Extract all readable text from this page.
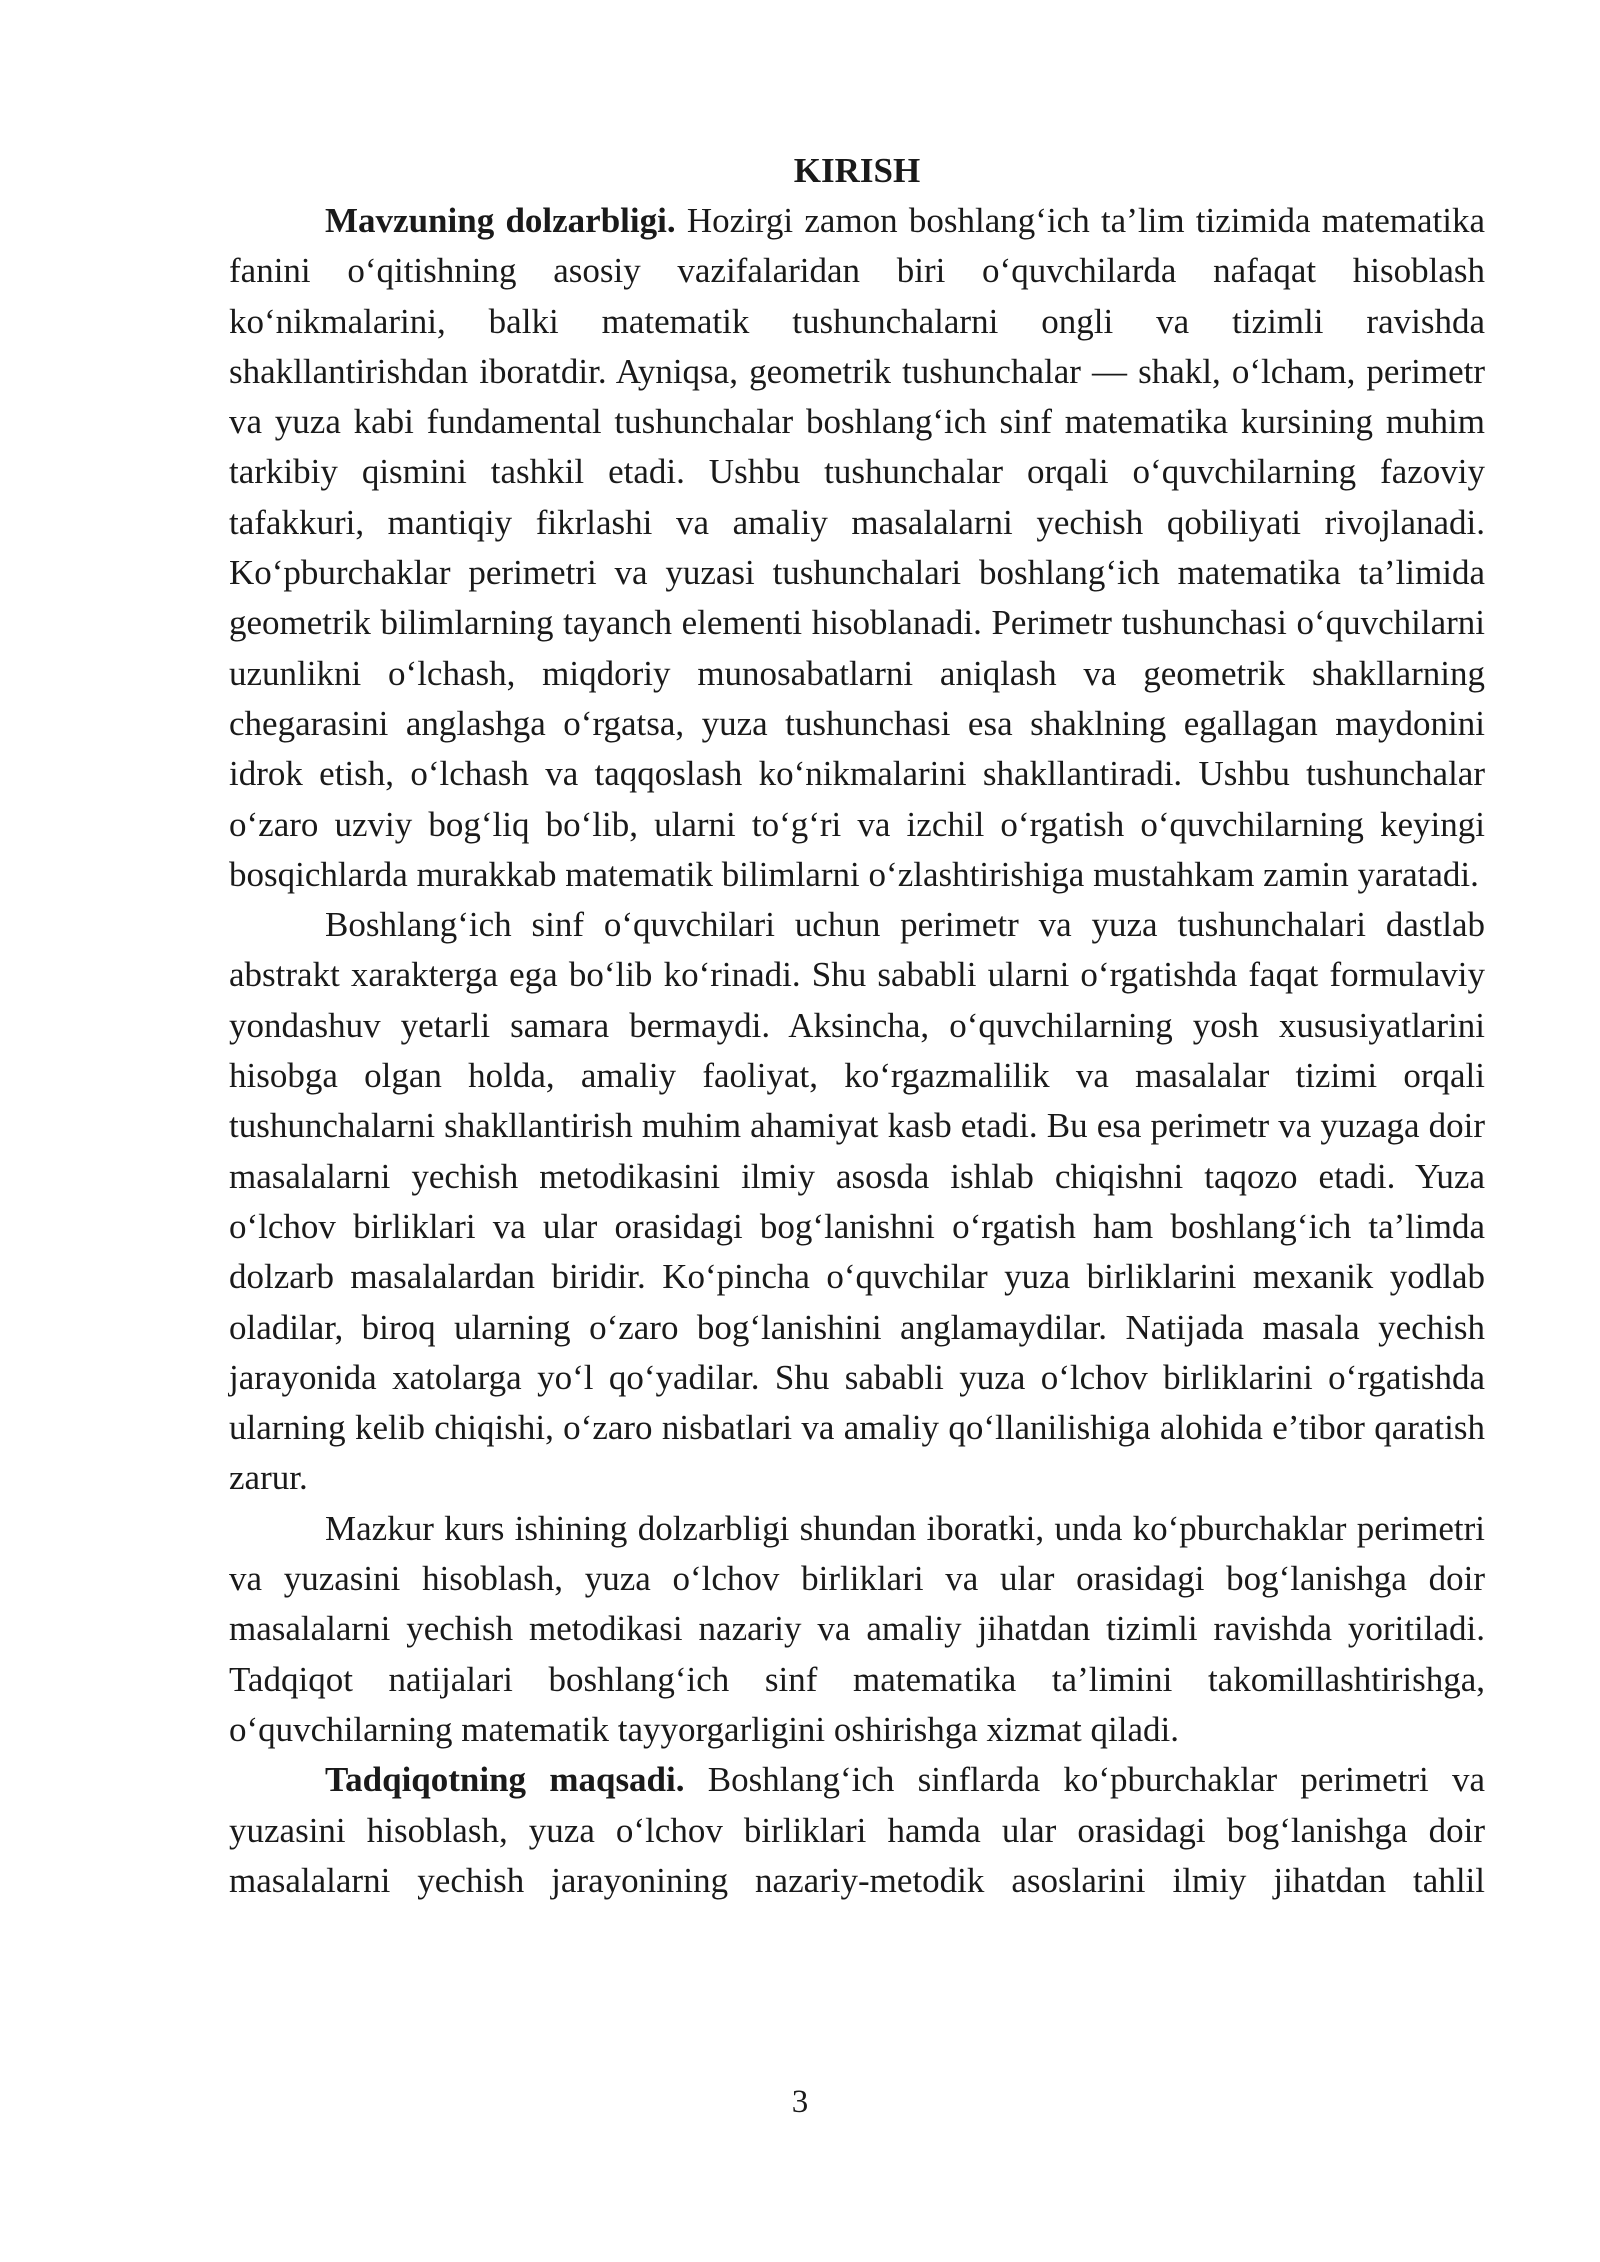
KIRISH

Mavzuning dolzarbligi. Hozirgi zamon boshlang‘ich ta’lim tizimida matematika fanini o‘qitishning asosiy vazifalaridan biri o‘quvchilarda nafaqat hisoblash ko‘nikmalarini, balki matematik tushunchalarni ongli va tizimli ravishda shakllantirishdan iboratdir. Ayniqsa, geometrik tushunchalar — shakl, o‘lcham, perimetr va yuza kabi fundamental tushunchalar boshlang‘ich sinf matematika kursining muhim tarkibiy qismini tashkil etadi. Ushbu tushunchalar orqali o‘quvchilarning fazoviy tafakkuri, mantiqiy fikrlashi va amaliy masalalarni yechish qobiliyati rivojlanadi. Ko‘pburchaklar perimetri va yuzasi tushunchalari boshlang‘ich matematika ta’limida geometrik bilimlarning tayanch elementi hisoblanadi. Perimetr tushunchasi o‘quvchilarni uzunlikni o‘lchash, miqdoriy munosabatlarni aniqlash va geometrik shakllarning chegarasini anglashga o‘rgatsa, yuza tushunchasi esa shaklning egallagan maydonini idrok etish, o‘lchash va taqqoslash ko‘nikmalarini shakllantiradi. Ushbu tushunchalar o‘zaro uzviy bog‘liq bo‘lib, ularni to‘g‘ri va izchil o‘rgatish o‘quvchilarning keyingi bosqichlarda murakkab matematik bilimlarni o‘zlashtirishiga mustahkam zamin yaratadi.

Boshlang‘ich sinf o‘quvchilari uchun perimetr va yuza tushunchalari dastlab abstrakt xarakterga ega bo‘lib ko‘rinadi. Shu sababli ularni o‘rgatishda faqat formulaviy yondashuv yetarli samara bermaydi. Aksincha, o‘quvchilarning yosh xususiyatlarini hisobga olgan holda, amaliy faoliyat, ko‘rgazmalilik va masalalar tizimi orqali tushunchalarni shakllantirish muhim ahamiyat kasb etadi. Bu esa perimetr va yuzaga doir masalalarni yechish metodikasini ilmiy asosda ishlab chiqishni taqozo etadi. Yuza o‘lchov birliklari va ular orasidagi bog‘lanishni o‘rgatish ham boshlang‘ich ta’limda dolzarb masalalardan biridir. Ko‘pincha o‘quvchilar yuza birliklarini mexanik yodlab oladilar, biroq ularning o‘zaro bog‘lanishini anglamaydilar. Natijada masala yechish jarayonida xatolarga yo‘l qo‘yadilar. Shu sababli yuza o‘lchov birliklarini o‘rgatishda ularning kelib chiqishi, o‘zaro nisbatlari va amaliy qo‘llanilishiga alohida e’tibor qaratish zarur.

Mazkur kurs ishining dolzarbligi shundan iboratki, unda ko‘pburchaklar perimetri va yuzasini hisoblash, yuza o‘lchov birliklari va ular orasidagi bog‘lanishga doir masalalarni yechish metodikasi nazariy va amaliy jihatdan tizimli ravishda yoritiladi. Tadqiqot natijalari boshlang‘ich sinf matematika ta’limini takomillashtirishga, o‘quvchilarning matematik tayyorgarligini oshirishga xizmat qiladi.

Tadqiqotning maqsadi. Boshlang‘ich sinflarda ko‘pburchaklar perimetri va yuzasini hisoblash, yuza o‘lchov birliklari hamda ular orasidagi bog‘lanishga doir masalalarni yechish jarayonining nazariy-metodik asoslarini ilmiy jihatdan tahlil

3
